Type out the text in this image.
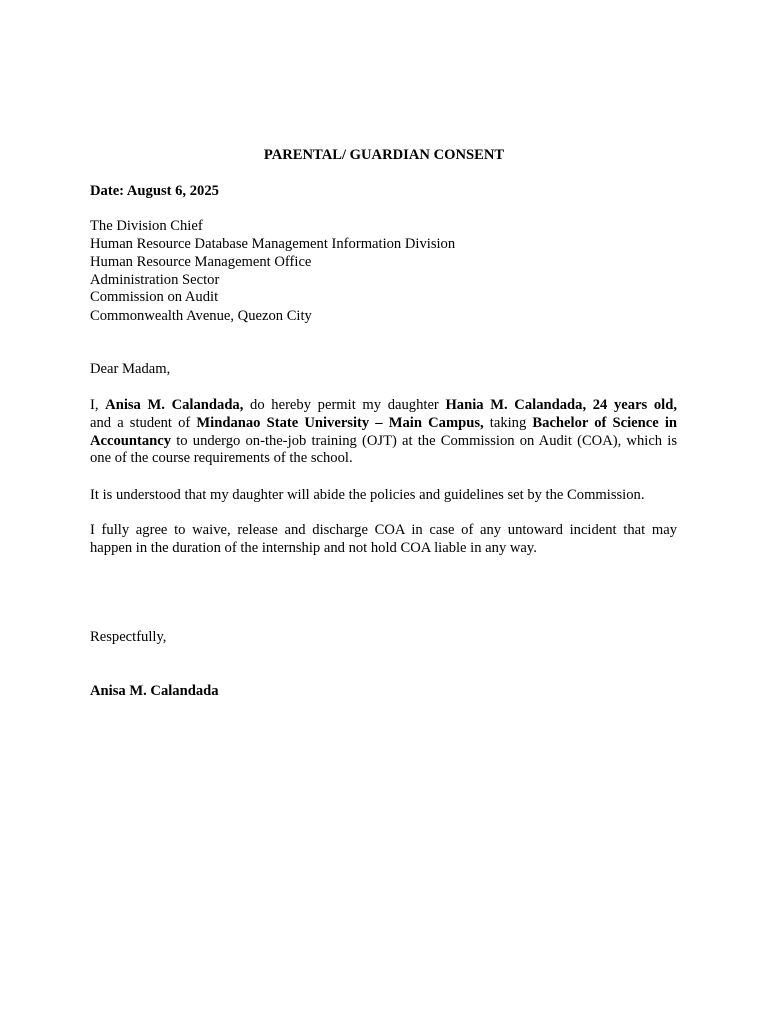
PARENTAL/ GUARDIAN CONSENT
Date: August 6, 2025
The Division Chief
Human Resource Database Management Information Division
Human Resource Management Office
Administration Sector
Commission on Audit
Commonwealth Avenue, Quezon City
Dear Madam,
I, Anisa M. Calandada, do hereby permit my daughter Hania M. Calandada, 24 years old,
and a student of Mindanao State University – Main Campus, taking Bachelor of Science in
Accountancy to undergo on-the-job training (OJT) at the Commission on Audit (COA), which is
one of the course requirements of the school.
It is understood that my daughter will abide the policies and guidelines set by the Commission.
I fully agree to waive, release and discharge COA in case of any untoward incident that may
happen in the duration of the internship and not hold COA liable in any way.
Respectfully,
Anisa M. Calandada
